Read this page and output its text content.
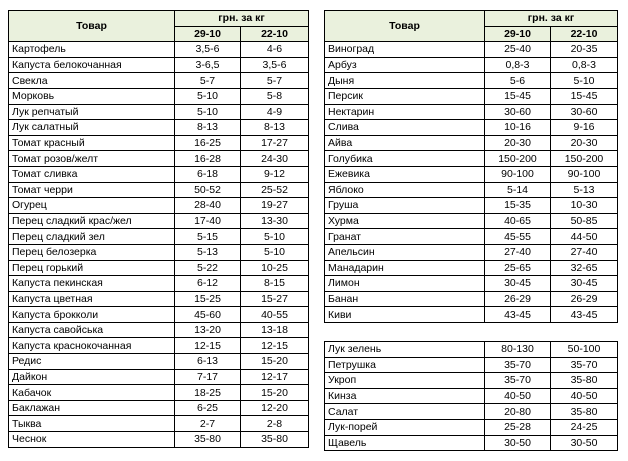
Товар	грн. за кг	
	29-10	22-10
Картофель	3,5-6	4-6
Капуста белокочанная	3-6,5	3,5-6
Свекла	5-7	5-7
Морковь	5-10	5-8
Лук репчатый	5-10	4-9
Лук салатный	8-13	8-13
Томат красный	16-25	17-27
Томат розов/желт	16-28	24-30
Томат сливка	6-18	9-12
Томат черри	50-52	25-52
Огурец	28-40	19-27
Перец сладкий крас/жел	17-40	13-30
Перец сладкий зел	5-15	5-10
Перец белозерка	5-13	5-10
Перец горький	5-22	10-25
Капуста пекинская	6-12	8-15
Капуста цветная	15-25	15-27
Капуста брокколи	45-60	40-55
Капуста савойська	13-20	13-18
Капуста краснокочанная	12-15	12-15
Редис	6-13	15-20
Дайкон	7-17	12-17
Кабачок	18-25	15-20
Баклажан	6-25	12-20
Тыква	2-7	2-8
Чеснок	35-80	35-80
Товар	грн. за кг	
	29-10	22-10
Виноград	25-40	20-35
Арбуз	0,8-3	0,8-3
Дыня	5-6	5-10
Персик	15-45	15-45
Нектарин	30-60	30-60
Слива	10-16	9-16
Айва	20-30	20-30
Голубика	150-200	150-200
Ежевика	90-100	90-100
Яблоко	5-14	5-13
Груша	15-35	10-30
Хурма	40-65	50-85
Гранат	45-55	44-50
Апельсин	27-40	27-40
Манадарин	25-65	32-65
Лимон	30-45	30-45
Банан	26-29	26-29
Киви	43-45	43-45
Лук зелень	80-130	50-100
Петрушка	35-70	35-70
Укроп	35-70	35-80
Кинза	40-50	40-50
Салат	20-80	35-80
Лук-порей	25-28	24-25
Щавель	30-50	30-50
